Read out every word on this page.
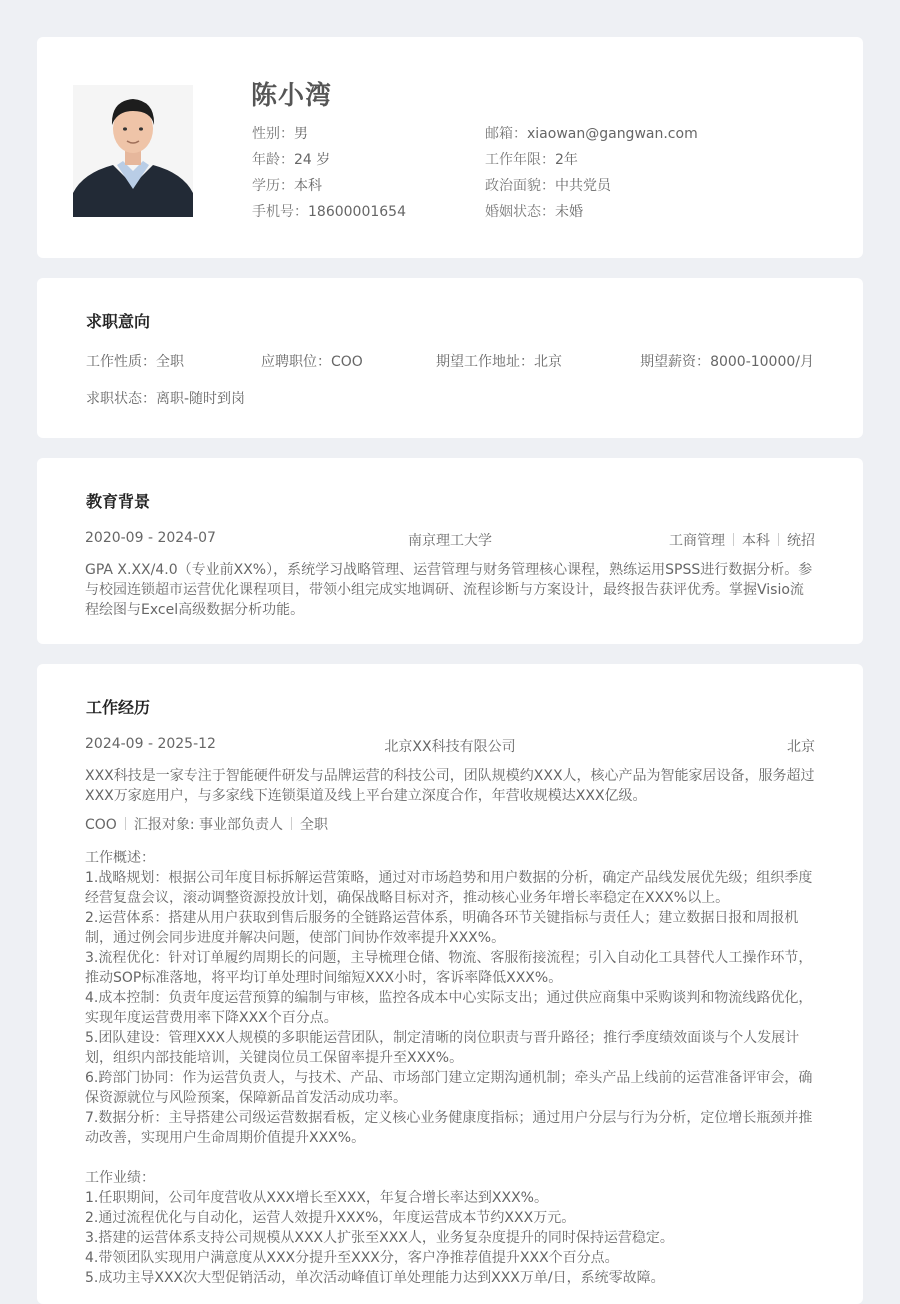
陈小湾
性别：男	邮箱：xiaowan@gangwan.com
年龄：24 岁	工作年限：2年
学历：本科	政治面貌：中共党员
手机号：18600001654	婚姻状态：未婚
求职意向
工作性质：全职	应聘职位：COO	期望工作地址：北京	期望薪资：8000-10000/月
求职状态：离职-随时到岗
教育背景
2020-09 - 2024-07	南京理工大学	工商管理 本科 统招
GPA X.XX/4.0（专业前XX%），系统学习战略管理、运营管理与财务管理核心课程，熟练运用SPSS进行数据分析。参与校园连锁超市运营优化课程项目，带领小组完成实地调研、流程诊断与方案设计，最终报告获评优秀。掌握Visio流程绘图与Excel高级数据分析功能。
工作经历
2024-09 - 2025-12	北京XX科技有限公司	北京
XXX科技是一家专注于智能硬件研发与品牌运营的科技公司，团队规模约XXX人，核心产品为智能家居设备，服务超过XXX万家庭用户，与多家线下连锁渠道及线上平台建立深度合作，年营收规模达XXX亿级。
COO 汇报对象: 事业部负责人 全职
工作概述：
1.战略规划：根据公司年度目标拆解运营策略，通过对市场趋势和用户数据的分析，确定产品线发展优先级；组织季度经营复盘会议，滚动调整资源投放计划，确保战略目标对齐，推动核心业务年增长率稳定在XXX%以上。
2.运营体系：搭建从用户获取到售后服务的全链路运营体系，明确各环节关键指标与责任人；建立数据日报和周报机制，通过例会同步进度并解决问题，使部门间协作效率提升XXX%。
3.流程优化：针对订单履约周期长的问题，主导梳理仓储、物流、客服衔接流程；引入自动化工具替代人工操作环节，推动SOP标准落地，将平均订单处理时间缩短XXX小时，客诉率降低XXX%。
4.成本控制：负责年度运营预算的编制与审核，监控各成本中心实际支出；通过供应商集中采购谈判和物流线路优化，实现年度运营费用率下降XXX个百分点。
5.团队建设：管理XXX人规模的多职能运营团队，制定清晰的岗位职责与晋升路径；推行季度绩效面谈与个人发展计划，组织内部技能培训，关键岗位员工保留率提升至XXX%。
6.跨部门协同：作为运营负责人，与技术、产品、市场部门建立定期沟通机制；牵头产品上线前的运营准备评审会，确保资源就位与风险预案，保障新品首发活动成功率。
7.数据分析：主导搭建公司级运营数据看板，定义核心业务健康度指标；通过用户分层与行为分析，定位增长瓶颈并推动改善，实现用户生命周期价值提升XXX%。
工作业绩：
1.任职期间，公司年度营收从XXX增长至XXX，年复合增长率达到XXX%。
2.通过流程优化与自动化，运营人效提升XXX%，年度运营成本节约XXX万元。
3.搭建的运营体系支持公司规模从XXX人扩张至XXX人，业务复杂度提升的同时保持运营稳定。
4.带领团队实现用户满意度从XXX分提升至XXX分，客户净推荐值提升XXX个百分点。
5.成功主导XXX次大型促销活动，单次活动峰值订单处理能力达到XXX万单/日，系统零故障。
